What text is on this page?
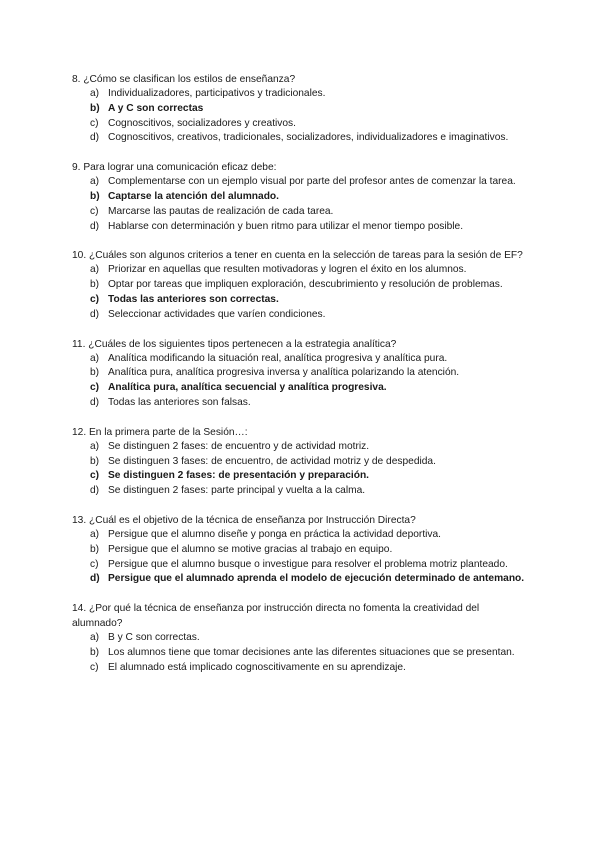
8. ¿Cómo se clasifican los estilos de enseñanza?

a) Individualizadores, participativos y tradicionales.
b) A y C son correctas
c) Cognoscitivos, socializadores y creativos.
d) Cognoscitivos, creativos, tradicionales, socializadores, individualizadores e imaginativos.

9. Para lograr una comunicación eficaz debe:

a) Complementarse con un ejemplo visual por parte del profesor antes de comenzar la tarea.
b) Captarse la atención del alumnado.
c) Marcarse las pautas de realización de cada tarea.
d) Hablarse con determinación y buen ritmo para utilizar el menor tiempo posible.

10. ¿Cuáles son algunos criterios a tener en cuenta en la selección de tareas para la sesión de EF?

a) Priorizar en aquellas que resulten motivadoras y logren el éxito en los alumnos.
b) Optar por tareas que impliquen exploración, descubrimiento y resolución de problemas.
c) Todas las anteriores son correctas.
d) Seleccionar actividades que varíen condiciones.

11. ¿Cuáles de los siguientes tipos pertenecen a la estrategia analítica?

a) Analítica modificando la situación real, analítica progresiva y analítica pura.
b) Analítica pura, analítica progresiva inversa y analítica polarizando la atención.
c) Analítica pura, analítica secuencial y analítica progresiva.
d) Todas las anteriores son falsas.

12. En la primera parte de la Sesión…:

a) Se distinguen 2 fases: de encuentro y de actividad motriz.
b) Se distinguen 3 fases: de encuentro, de actividad motriz y de despedida.
c) Se distinguen 2 fases: de presentación y preparación.
d) Se distinguen 2 fases: parte principal y vuelta a la calma.

13. ¿Cuál es el objetivo de la técnica de enseñanza por Instrucción Directa?

a) Persigue que el alumno diseñe y ponga en práctica la actividad deportiva.
b) Persigue que el alumno se motive gracias al trabajo en equipo.
c) Persigue que el alumno busque o investigue para resolver el problema motriz planteado.
d) Persigue que el alumnado aprenda el modelo de ejecución determinado de antemano.

14. ¿Por qué la técnica de enseñanza por instrucción directa no fomenta la creatividad del alumnado?

a) B y C son correctas.
b) Los alumnos tiene que tomar decisiones ante las diferentes situaciones que se presentan.
c) El alumnado está implicado cognoscitivamente en su aprendizaje.
